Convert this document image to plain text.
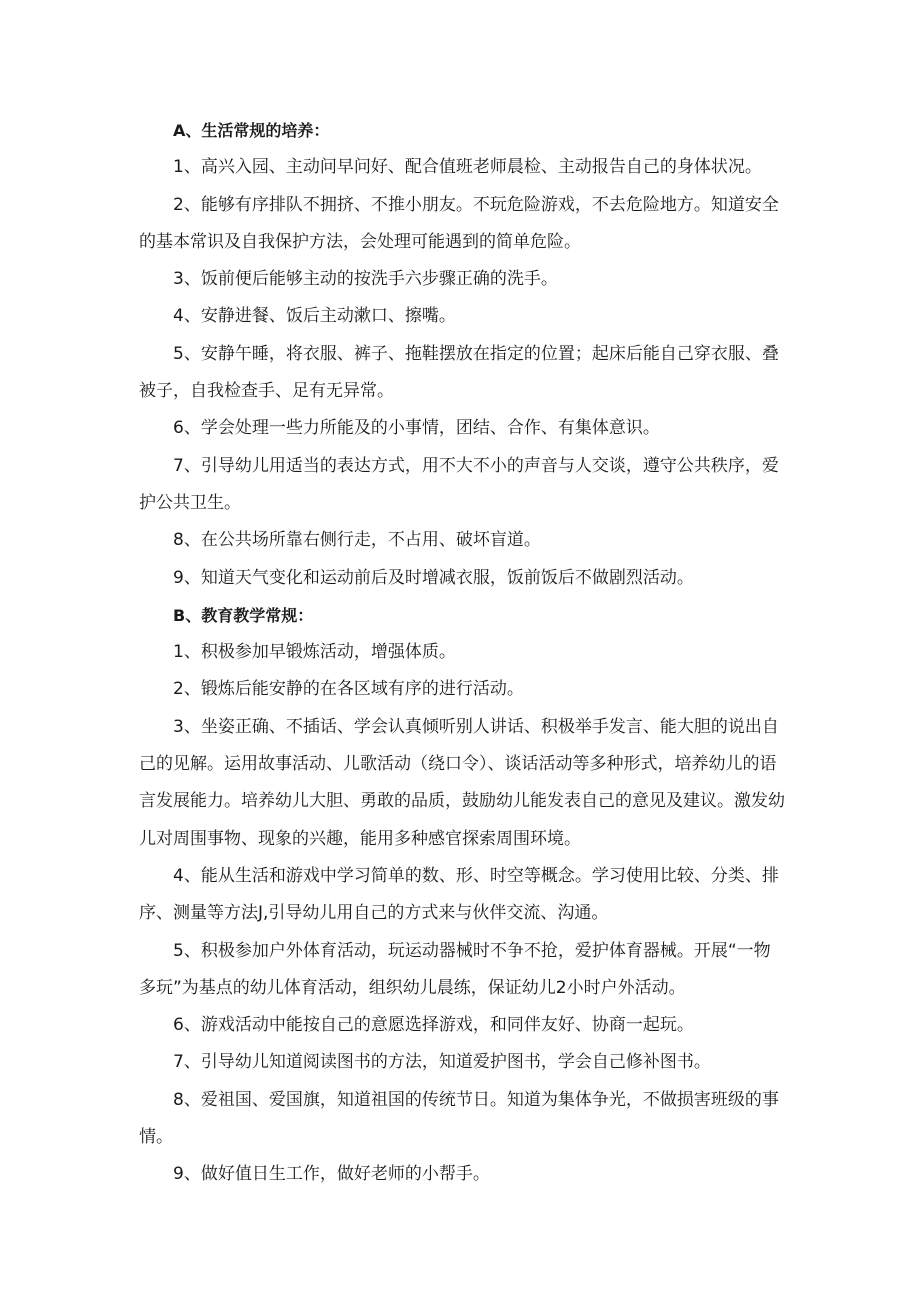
A、生活常规的培养：
1、高兴入园、主动问早问好、配合值班老师晨检、主动报告自己的身体状况。
2、能够有序排队不拥挤、不推小朋友。不玩危险游戏，不去危险地方。知道安全
的基本常识及自我保护方法，会处理可能遇到的简单危险。
3、饭前便后能够主动的按洗手六步骤正确的洗手。
4、安静进餐、饭后主动漱口、擦嘴。
5、安静午睡，将衣服、裤子、拖鞋摆放在指定的位置；起床后能自己穿衣服、叠
被子，自我检查手、足有无异常。
6、学会处理一些力所能及的小事情，团结、合作、有集体意识。
7、引导幼儿用适当的表达方式，用不大不小的声音与人交谈，遵守公共秩序，爱
护公共卫生。
8、在公共场所靠右侧行走，不占用、破坏盲道。
9、知道天气变化和运动前后及时增减衣服，饭前饭后不做剧烈活动。
B、教育教学常规：
1、积极参加早锻炼活动，增强体质。
2、锻炼后能安静的在各区域有序的进行活动。
3、坐姿正确、不插话、学会认真倾听别人讲话、积极举手发言、能大胆的说出自
己的见解。运用故事活动、儿歌活动（绕口令）、谈话活动等多种形式，培养幼儿的语
言发展能力。培养幼儿大胆、勇敢的品质，鼓励幼儿能发表自己的意见及建议。激发幼
儿对周围事物、现象的兴趣，能用多种感官探索周围环境。
4、能从生活和游戏中学习简单的数、形、时空等概念。学习使用比较、分类、排
序、测量等方法J,引导幼儿用自己的方式来与伙伴交流、沟通。
5、积极参加户外体育活动，玩运动器械时不争不抢，爱护体育器械。开展“一物
多玩”为基点的幼儿体育活动，组织幼儿晨练，保证幼儿2小时户外活动。
6、游戏活动中能按自己的意愿选择游戏，和同伴友好、协商一起玩。
7、引导幼儿知道阅读图书的方法，知道爱护图书，学会自己修补图书。
8、爱祖国、爱国旗，知道祖国的传统节日。知道为集体争光，不做损害班级的事
情。
9、做好值日生工作，做好老师的小帮手。
